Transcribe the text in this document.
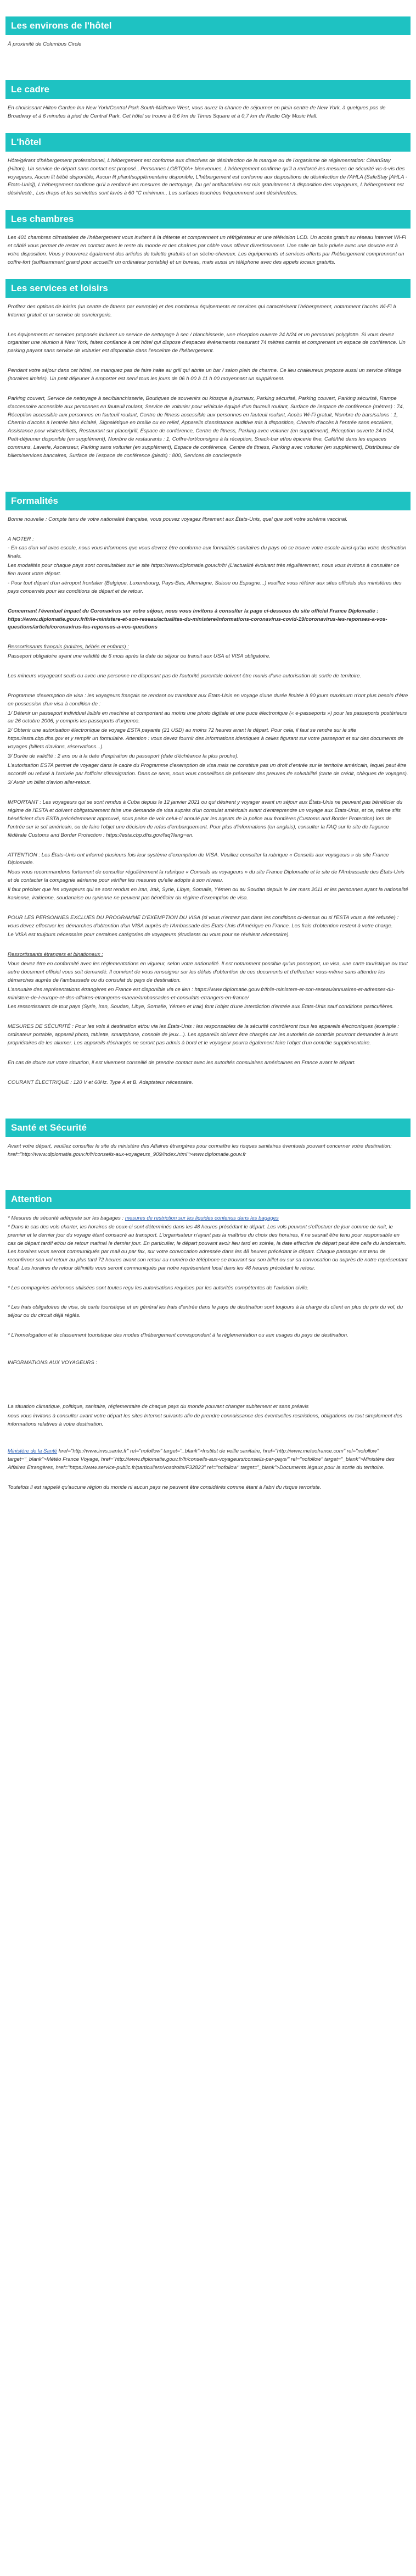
Les environs de l'hôtel

À proximité de Columbus Circle

Le cadre

En choisissant Hilton Garden Inn New York/Central Park South-Midtown West, vous aurez la chance de séjourner en plein centre de New York, à quelques pas de Broadway et à 6 minutes à pied de Central Park. Cet hôtel se trouve à 0,6 km de Times Square et à 0,7 km de Radio City Music Hall.

L'hôtel

Hôte/gérant d'hébergement professionnel, L'hébergement est conforme aux directives de désinfection de la marque ou de l'organisme de réglementation: CleanStay (Hilton), Un service de départ sans contact est proposé., Personnes LGBTQIA+ bienvenues, L'hébergement confirme qu'il a renforcé les mesures de sécurité vis-à-vis des voyageurs, Aucun lit bébé disponible, Aucun lit pliant/supplémentaire disponible, L'hébergement est conforme aux dispositions de désinfection de l'AHLA (SafeStay [AHLA - États-Unis]), L'hébergement confirme qu'il a renforcé les mesures de nettoyage, Du gel antibactérien est mis gratuitement à disposition des voyageurs, L'hébergement est désinfecté., Les draps et les serviettes sont lavés à 60 °C minimum., Les surfaces touchées fréquemment sont désinfectées.

Les chambres

Les 401 chambres climatisées de l'hébergement vous invitent à la détente et comprennent un réfrigérateur et une télévision LCD. Un accès gratuit au réseau Internet Wi-Fi et câblé vous permet de rester en contact avec le reste du monde et des chaînes par câble vous offrent divertissement. Une salle de bain privée avec une douche est à votre disposition. Vous y trouverez également des articles de toilette gratuits et un sèche-cheveux. Les équipements et services offerts par l'hébergement comprennent un coffre-fort (suffisamment grand pour accueillir un ordinateur portable) et un bureau, mais aussi un téléphone avec des appels locaux gratuits.

Les services et loisirs

Profitez des options de loisirs (un centre de fitness par exemple) et des nombreux équipements et services qui caractérisent l'hébergement, notamment l'accès Wi-Fi à Internet gratuit et un service de conciergerie.

Les équipements et services proposés incluent un service de nettoyage à sec / blanchisserie, une réception ouverte 24 h/24 et un personnel polyglotte. Si vous devez organiser une réunion à New York, faites confiance à cet hôtel qui dispose d'espaces événements mesurant 74 mètres carrés et comprenant un espace de conférence. Un parking payant sans service de voiturier est disponible dans l'enceinte de l'hébergement.

Pendant votre séjour dans cet hôtel, ne manquez pas de faire halte au grill qui abrite un bar / salon plein de charme. Ce lieu chaleureux propose aussi un service d'étage (horaires limités). Un petit déjeuner à emporter est servi tous les jours de 06 h 00 à 11 h 00 moyennant un supplément.

Parking couvert, Service de nettoyage à sec/blanchisserie, Boutiques de souvenirs ou kiosque à journaux, Parking sécurisé, Parking couvert, Parking sécurisé, Rampe d'accessoire accessible aux personnes en fauteuil roulant, Service de voiturier pour véhicule équipé d'un fauteuil roulant, Surface de l'espace de conférence (mètres) : 74, Réception accessible aux personnes en fauteuil roulant, Centre de fitness accessible aux personnes en fauteuil roulant, Accès Wi-Fi gratuit, Nombre de bars/salons : 1, Chemin d'accès à l'entrée bien éclairé, Signalétique en braille ou en relief, Appareils d'assistance auditive mis à disposition, Chemin d'accès à l'entrée sans escaliers, Assistance pour visites/billets, Restaurant sur place/grill, Espace de conférence, Centre de fitness, Parking avec voiturier (en supplément), Réception ouverte 24 h/24, Petit-déjeuner disponible (en supplément), Nombre de restaurants : 1, Coffre-fort/consigne à la réception, Snack-bar et/ou épicerie fine, Café/thé dans les espaces communs, Laverie, Ascenseur, Parking sans voiturier (en supplément), Espace de conférence, Centre de fitness, Parking avec voiturier (en supplément), Distributeur de billets/services bancaires, Surface de l'espace de conférence (pieds) : 800, Services de conciergerie

Formalités

Bonne nouvelle : Compte tenu de votre nationalité française, vous pouvez voyagez librement aux États-Unis, quel que soit votre schéma vaccinal.

A NOTER :

- En cas d'un vol avec escale, nous vous informons que vous devrez être conforme aux formalités sanitaires du pays où se trouve votre escale ainsi qu'au votre destination finale.

Les modalités pour chaque pays sont consultables sur le site https://www.diplomatie.gouv.fr/fr/ (L'actualité évoluant très régulièrement, nous vous invitons à consulter ce lien avant votre départ.

- Pour tout départ d'un aéroport frontalier (Belgique, Luxembourg, Pays-Bas, Allemagne, Suisse ou Espagne...) veuillez vous référer aux sites officiels des ministères des pays concernés pour les conditions de départ et de retour.

Concernant l'éventuel impact du Coronavirus sur votre séjour, nous vous invitons à consulter la page ci-dessous du site officiel France Diplomatie : https://www.diplomatie.gouv.fr/fr/le-ministere-et-son-reseau/actualites-du-ministere/informations-coronavirus-covid-19/coronavirus-les-reponses-a-vos-questions/article/coronavirus-les-reponses-a-vos-questions

Ressortissants français (adultes, bébés et enfants) :

Passeport obligatoire ayant une validité de 6 mois après la date du séjour ou transit aux USA et VISA obligatoire.

Les mineurs voyageant seuls ou avec une personne ne disposant pas de l'autorité parentale doivent être munis d'une autorisation de sortie de territoire.

Programme d'exemption de visa : les voyageurs français se rendant ou transitant aux États-Unis en voyage d'une durée limitée à 90 jours maximum n'ont plus besoin d'être en possession d'un visa à condition de :

1/ Détenir un passeport individuel lisible en machine et comportant au moins une photo digitale et une puce électronique (« e-passeports ») pour les passeports postérieurs au 26 octobre 2006, y compris les passeports d'urgence.

2/ Obtenir une autorisation électronique de voyage ESTA payante (21 USD) au moins 72 heures avant le départ. Pour cela, il faut se rendre sur le site https://esta.cbp.dhs.gov et y remplir un formulaire. Attention : vous devez fournir des informations identiques à celles figurant sur votre passeport et sur des documents de voyages (billets d'avions, réservations...).

3/ Durée de validité : 2 ans ou à la date d'expiration du passeport (date d'échéance la plus proche).

L'autorisation ESTA permet de voyager dans le cadre du Programme d'exemption de visa mais ne constitue pas un droit d'entrée sur le territoire américain, lequel peut être accordé ou refusé à l'arrivée par l'officier d'immigration. Dans ce sens, nous vous conseillons de présenter des preuves de solvabilité (carte de crédit, chèques de voyages).

3/ Avoir un billet d'avion aller-retour.

IMPORTANT : Les voyageurs qui se sont rendus à Cuba depuis le 12 janvier 2021 ou qui désirent y voyager avant un séjour aux États-Unis ne peuvent pas bénéficier du régime de l'ESTA et doivent obligatoirement faire une demande de visa auprès d'un consulat américain avant d'entreprendre un voyage aux États-Unis, et ce, même s'ils bénéficient d'un ESTA précédemment approuvé, sous peine de voir celui-ci annulé par les agents de la police aux frontières (Customs and Border Protection) lors de l'entrée sur le sol américain, ou de faire l'objet une décision de refus d'embarquement. Pour plus d'informations (en anglais), consulter la FAQ sur le site de l'agence fédérale Customs and Border Protection : https://esta.cbp.dhs.gov/faq?lang=en.

ATTENTION : Les États-Unis ont informé plusieurs fois leur système d'exemption de VISA. Veuillez consulter la rubrique « Conseils aux voyageurs » du site France Diplomatie.

Nous vous recommandons fortement de consulter régulièrement la rubrique « Conseils au voyageurs » du site France Diplomatie et le site de l'Ambassade des États-Unis et de contacter la compagnie aérienne pour vérifier les mesures qu'elle adopte à son niveau.

Il faut préciser que les voyageurs qui se sont rendus en Iran, Irak, Syrie, Libye, Somalie, Yémen ou au Soudan depuis le 1er mars 2011 et les personnes ayant la nationalité iranienne, irakienne, soudanaise ou syrienne ne peuvent pas bénéficier du régime d'exemption de visa.

POUR LES PERSONNES EXCLUES DU PROGRAMME D'EXEMPTION DU VISA (si vous n'entrez pas dans les conditions ci-dessus ou si l'ESTA vous a été refusée) : vous devez effectuer les démarches d'obtention d'un VISA auprès de l'Ambassade des États-Unis d'Amérique en France. Les frais d'obtention restent à votre charge.

Le VISA est toujours nécessaire pour certaines catégories de voyageurs (étudiants ou vous pour se révèlent nécessaire).

Ressortissants étrangers et binationaux :

Vous devez être en conformité avec les réglementations en vigueur, selon votre nationalité. Il est notamment possible qu'un passeport, un visa, une carte touristique ou tout autre document officiel vous soit demandé. Il convient de vous renseigner sur les délais d'obtention de ces documents et d'effectuer vous-même sans attendre les démarches auprès de l'ambassade ou du consulat du pays de destination.

L'annuaire des représentations étrangères en France est disponible via ce lien : https://www.diplomatie.gouv.fr/fr/le-ministere-et-son-reseau/annuaires-et-adresses-du-ministere-de-l-europe-et-des-affaires-etrangeres-maeae/ambassades-et-consulats-etrangers-en-france/

Les ressortissants de tout pays (Syrie, Iran, Soudan, Libye, Somalie, Yémen et Irak) font l'objet d'une interdiction d'entrée aux États-Unis sauf conditions particulières.

MESURES DE SÉCURITÉ : Pour les vols à destination et/ou via les États-Unis : les responsables de la sécurité contrôleront tous les appareils électroniques (exemple : ordinateur portable, appareil photo, tablette, smartphone, console de jeux...). Les appareils doivent être chargés car les autorités de contrôle pourront demander à leurs propriétaires de les allumer. Les appareils déchargés ne seront pas admis à bord et le voyageur pourra également faire l'objet d'un contrôle supplémentaire.

En cas de doute sur votre situation, il est vivement conseillé de prendre contact avec les autorités consulaires américaines en France avant le départ.

COURANT ÉLECTRIQUE : 120 V et 60Hz. Type A et B. Adaptateur nécessaire.

Santé et Sécurité

Avant votre départ, veuillez consulter le site du ministère des Affaires étrangères pour connaître les risques sanitaires éventuels pouvant concerner votre destination: href="http://www.diplomatie.gouv.fr/fr/conseils-aux-voyageurs_909/index.html">www.diplomatie.gouv.fr

Attention

* Mesures de sécurité adéquate sur les bagages : mesures de restriction sur les liquides contenus dans les bagages

* Dans le cas des vols charter, les horaires de ceux-ci sont déterminés dans les 48 heures précédant le départ. Les vols peuvent s'effectuer de jour comme de nuit, le premier et le dernier jour du voyage étant consacré au transport. L'organisateur n'ayant pas la maîtrise du choix des horaires, il ne saurait être tenu pour responsable en cas de départ tardif et/ou de retour matinal le dernier jour. En particulier, le départ pouvant avoir lieu tard en soirée, la date effective de départ peut être celle du lendemain. Les horaires vous seront communiqués par mail ou par fax, sur votre convocation adressée dans les 48 heures précédant le départ. Chaque passager est tenu de reconfirmer son vol retour au plus tard 72 heures avant son retour au numéro de téléphone se trouvant sur son billet ou sur sa convocation ou auprès de notre représentant local. Les horaires de retour définitifs vous seront communiqués par notre représentant local dans les 48 heures précédant le retour.

* Les compagnies aériennes utilisées sont toutes reçu les autorisations requises par les autorités compétentes de l'aviation civile.

* Les frais obligatoires de visa, de carte touristique et en général les frais d'entrée dans le pays de destination sont toujours à la charge du client en plus du prix du vol, du séjour ou du circuit déjà réglés.

* L'homologation et le classement touristique des modes d'hébergement correspondent à la réglementation ou aux usages du pays de destination.

INFORMATIONS AUX VOYAGEURS :

La situation climatique, politique, sanitaire, réglementaire de chaque pays du monde pouvant changer subitement et sans préavis

nous vous invitons à consulter avant votre départ les sites Internet suivants afin de prendre connaissance des éventuelles restrictions, obligations ou tout simplement des informations relatives à votre destination.

Ministère de la Santé href="http://www.invs.sante.fr" rel="nofollow" target="_blank">Institut de veille sanitaire, href="http://www.meteofrance.com" rel="nofollow" target="_blank">Météo France Voyage, href="http://www.diplomatie.gouv.fr/fr/conseils-aux-voyageurs/conseils-par-pays/" rel="nofollow" target="_blank">Ministère des Affaires Etrangères, href="https://www.service-public.fr/particuliers/vosdroits/F32823" rel="nofollow" target="_blank">Documents légaux pour la sortie du territoire.

Toutefois il est rappelé qu'aucune région du monde ni aucun pays ne peuvent être considérés comme étant à l'abri du risque terroriste.
